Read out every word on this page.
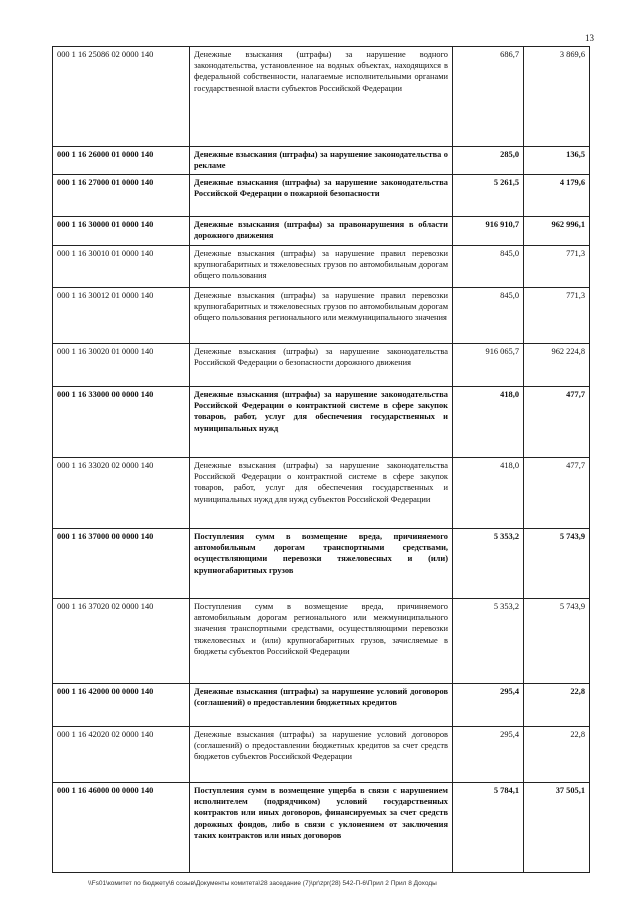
13
000 1 16 25086 02 0000 140	Денежные взыскания (штрафы) за нарушение водного законодательства, установленное на водных объектах, находящихся в федеральной собственности, налагаемые исполнительными органами государственной власти субъектов Российской Федерации	686,7	3 869,6
000 1 16 26000 01 0000 140	Денежные взыскания (штрафы) за нарушение законодательства о рекламе	285,0	136,5
000 1 16 27000 01 0000 140	Денежные взыскания (штрафы) за нарушение законодательства Российской Федерации о пожарной безопасности	5 261,5	4 179,6
000 1 16 30000 01 0000 140	Денежные взыскания (штрафы) за правонарушения в области дорожного движения	916 910,7	962 996,1
000 1 16 30010 01 0000 140	Денежные взыскания (штрафы) за нарушение правил перевозки крупногабаритных и тяжеловесных грузов по автомобильным дорогам общего пользования	845,0	771,3
000 1 16 30012 01 0000 140	Денежные взыскания (штрафы) за нарушение правил перевозки крупногабаритных и тяжеловесных грузов по автомобильным дорогам общего пользования регионального или межмуниципального значения	845,0	771,3
000 1 16 30020 01 0000 140	Денежные взыскания (штрафы) за нарушение законодательства Российской Федерации о безопасности дорожного движения	916 065,7	962 224,8
000 1 16 33000 00 0000 140	Денежные взыскания (штрафы) за нарушение законодательства Российской Федерации о контрактной системе в сфере закупок товаров, работ, услуг для обеспечения государственных и муниципальных нужд	418,0	477,7
000 1 16 33020 02 0000 140	Денежные взыскания (штрафы) за нарушение законодательства Российской Федерации о контрактной системе в сфере закупок товаров, работ, услуг для обеспечения государственных и муниципальных нужд для нужд субъектов Российской Федерации	418,0	477,7
000 1 16 37000 00 0000 140	Поступления сумм в возмещение вреда, причиняемого автомобильным дорогам транспортными средствами, осуществляющими перевозки тяжеловесных и (или) крупногабаритных грузов	5 353,2	5 743,9
000 1 16 37020 02 0000 140	Поступления сумм в возмещение вреда, причиняемого автомобильным дорогам регионального или межмуниципального значения транспортными средствами, осуществляющими перевозки тяжеловесных и (или) крупногабаритных грузов, зачисляемые в бюджеты субъектов Российской Федерации	5 353,2	5 743,9
000 1 16 42000 00 0000 140	Денежные взыскания (штрафы) за нарушение условий договоров (соглашений) о предоставлении бюджетных кредитов	295,4	22,8
000 1 16 42020 02 0000 140	Денежные взыскания (штрафы) за нарушение условий договоров (соглашений) о предоставлении бюджетных кредитов за счет средств бюджетов субъектов Российской Федерации	295,4	22,8
000 1 16 46000 00 0000 140	Поступления сумм в возмещение ущерба в связи с нарушением исполнителем (подрядчиком) условий государственных контрактов или иных договоров, финансируемых за счет средств дорожных фондов, либо в связи с уклонением от заключения таких контрактов или иных договоров	5 784,1	37 505,1
\\Fs01\комитет по бюджету\6 созыв\Документы комитета\28 заседание (7)\pr\zpr(28) 542-П-6\Прил 2 Прил 8 Доходы
